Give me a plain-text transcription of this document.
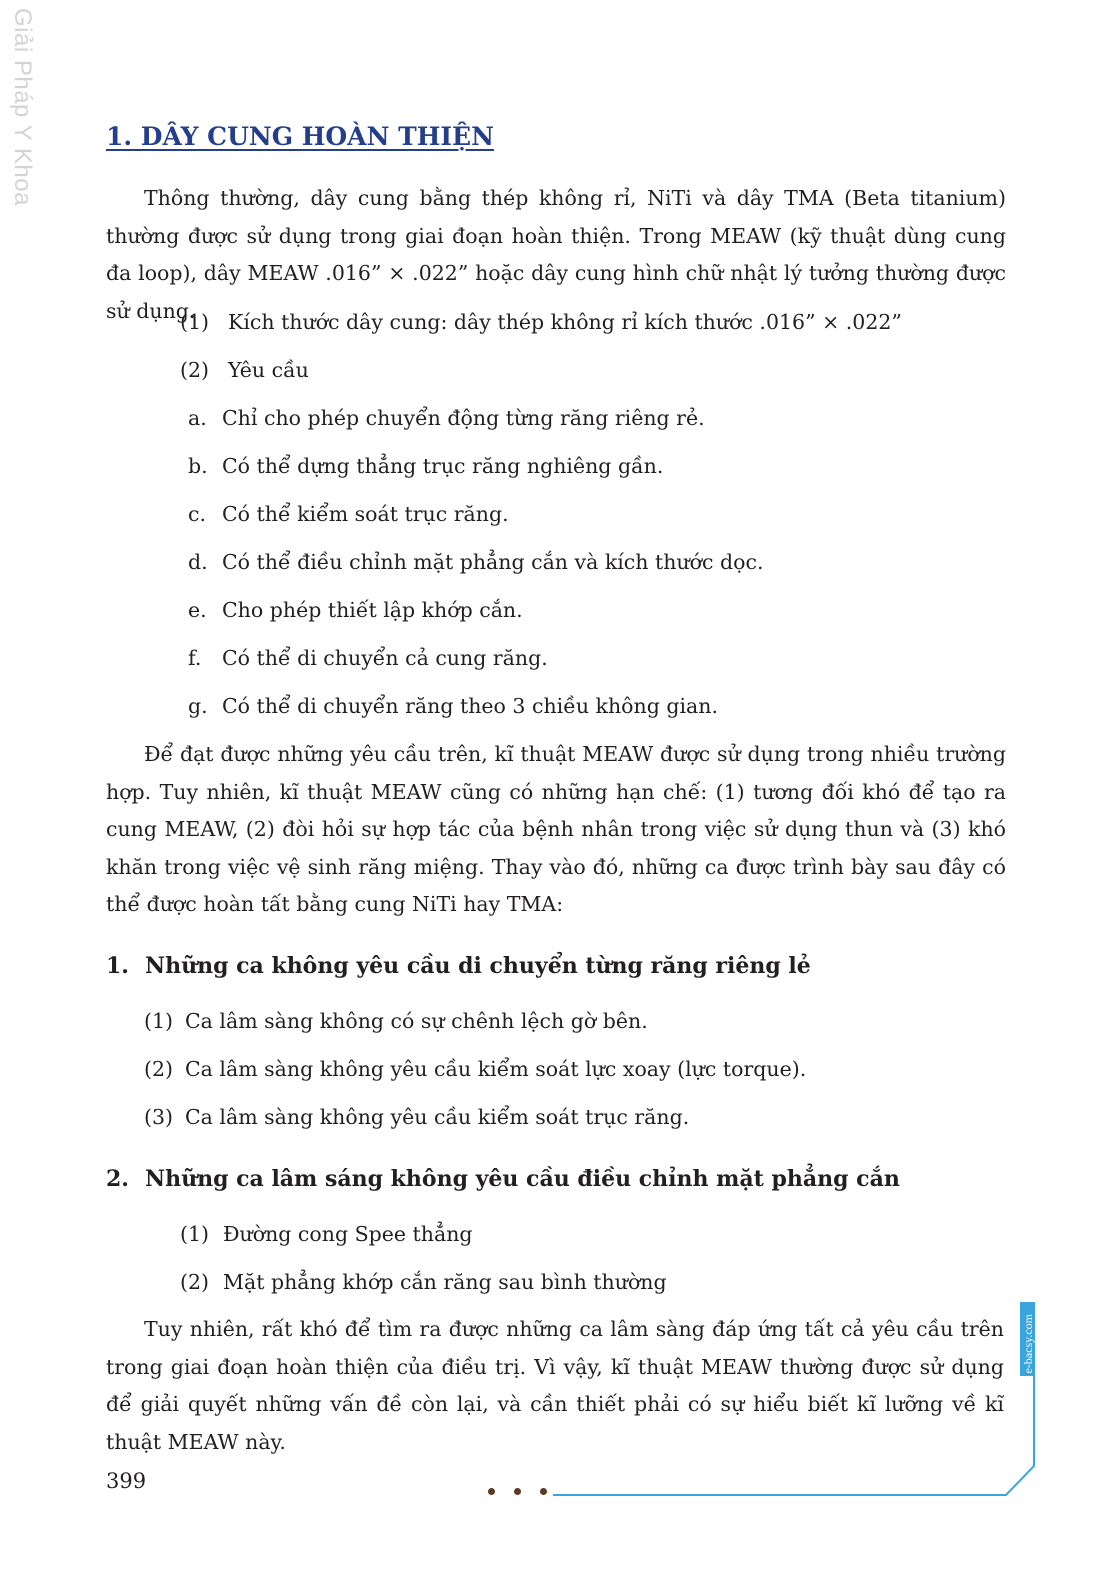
Giải Pháp Y Khoa	1. DÂY CUNG HOÀN THIỆN

Thông thường, dây cung bằng thép không rỉ, NiTi và dây TMA (Beta titanium) thường được sử dụng trong giai đoạn hoàn thiện. Trong MEAW (kỹ thuật dùng cung đa loop), dây MEAW .016” × .022” hoặc dây cung hình chữ nhật lý tưởng thường được sử dụng.

(1) Kích thước dây cung: dây thép không rỉ kích thước .016” × .022”
(2) Yêu cầu
a. Chỉ cho phép chuyển động từng răng riêng rẻ.
b. Có thể dựng thẳng trục răng nghiêng gần.
c. Có thể kiểm soát trục răng.
d. Có thể điều chỉnh mặt phẳng cắn và kích thước dọc.
e. Cho phép thiết lập khớp cắn.
f. Có thể di chuyển cả cung răng.
g. Có thể di chuyển răng theo 3 chiều không gian.

Để đạt được những yêu cầu trên, kĩ thuật MEAW được sử dụng trong nhiều trường hợp. Tuy nhiên, kĩ thuật MEAW cũng có những hạn chế: (1) tương đối khó để tạo ra cung MEAW, (2) đòi hỏi sự hợp tác của bệnh nhân trong việc sử dụng thun và (3) khó khăn trong việc vệ sinh răng miệng. Thay vào đó, những ca được trình bày sau đây có thể được hoàn tất bằng cung NiTi hay TMA:

1. Những ca không yêu cầu di chuyển từng răng riêng lẻ
(1) Ca lâm sàng không có sự chênh lệch gờ bên.
(2) Ca lâm sàng không yêu cầu kiểm soát lực xoay (lực torque).
(3) Ca lâm sàng không yêu cầu kiểm soát trục răng.
2. Những ca lâm sáng không yêu cầu điều chỉnh mặt phẳng cắn
(1) Đường cong Spee thẳng
(2) Mặt phẳng khớp cắn răng sau bình thường

Tuy nhiên, rất khó để tìm ra được những ca lâm sàng đáp ứng tất cả yêu cầu trên trong giai đoạn hoàn thiện của điều trị. Vì vậy, kĩ thuật MEAW thường được sử dụng để giải quyết những vấn đề còn lại, và cần thiết phải có sự hiểu biết kĩ lưỡng về kĩ thuật MEAW này.

399
e-bacsy.com
